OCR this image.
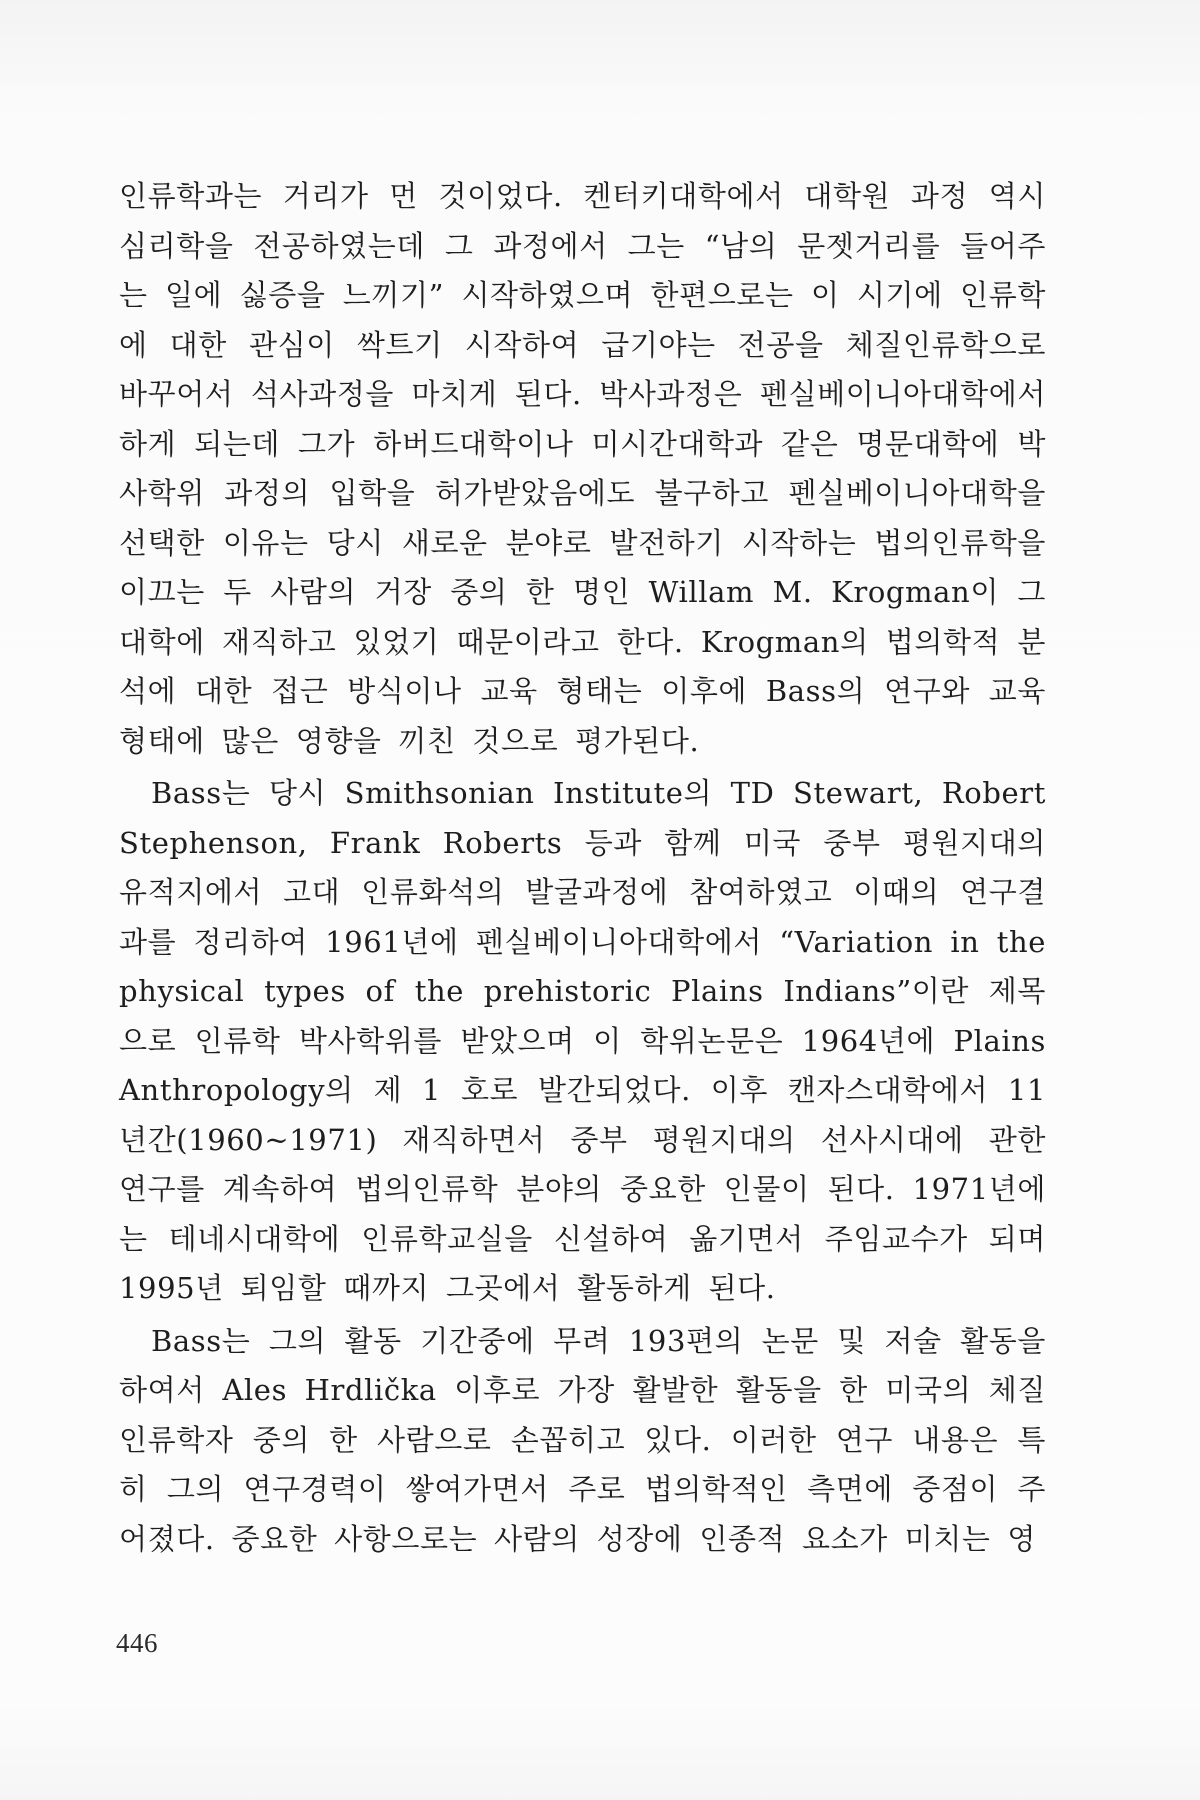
인류학과는 거리가 먼 것이었다. 켄터키대학에서 대학원 과정 역시 심리학을 전공하였는데 그 과정에서 그는 “남의 문젯거리를 들어주는 일에 싫증을 느끼기” 시작하였으며 한편으로는 이 시기에 인류학에 대한 관심이 싹트기 시작하여 급기야는 전공을 체질인류학으로 바꾸어서 석사과정을 마치게 된다. 박사과정은 펜실베이니아대학에서 하게 되는데 그가 하버드대학이나 미시간대학과 같은 명문대학에 박사학위 과정의 입학을 허가받았음에도 불구하고 펜실베이니아대학을 선택한 이유는 당시 새로운 분야로 발전하기 시작하는 법의인류학을 이끄는 두 사람의 거장 중의 한 명인 Willam M. Krogman이 그 대학에 재직하고 있었기 때문이라고 한다. Krogman의 법의학적 분석에 대한 접근 방식이나 교육 형태는 이후에 Bass의 연구와 교육 형태에 많은 영향을 끼친 것으로 평가된다.

Bass는 당시 Smithsonian Institute의 TD Stewart, Robert Stephenson, Frank Roberts 등과 함께 미국 중부 평원지대의 유적지에서 고대 인류화석의 발굴과정에 참여하였고 이때의 연구결과를 정리하여 1961년에 펜실베이니아대학에서 “Variation in the physical types of the prehistoric Plains Indians”이란 제목으로 인류학 박사학위를 받았으며 이 학위논문은 1964년에 Plains Anthropology의 제 1 호로 발간되었다. 이후 캔자스대학에서 11년간(1960~1971) 재직하면서 중부 평원지대의 선사시대에 관한 연구를 계속하여 법의인류학 분야의 중요한 인물이 된다. 1971년에는 테네시대학에 인류학교실을 신설하여 옮기면서 주임교수가 되며 1995년 퇴임할 때까지 그곳에서 활동하게 된다.

Bass는 그의 활동 기간중에 무려 193편의 논문 및 저술 활동을 하여서 Ales Hrdlička 이후로 가장 활발한 활동을 한 미국의 체질인류학자 중의 한 사람으로 손꼽히고 있다. 이러한 연구 내용은 특히 그의 연구경력이 쌓여가면서 주로 법의학적인 측면에 중점이 주어졌다. 중요한 사항으로는 사람의 성장에 인종적 요소가 미치는 영

446
